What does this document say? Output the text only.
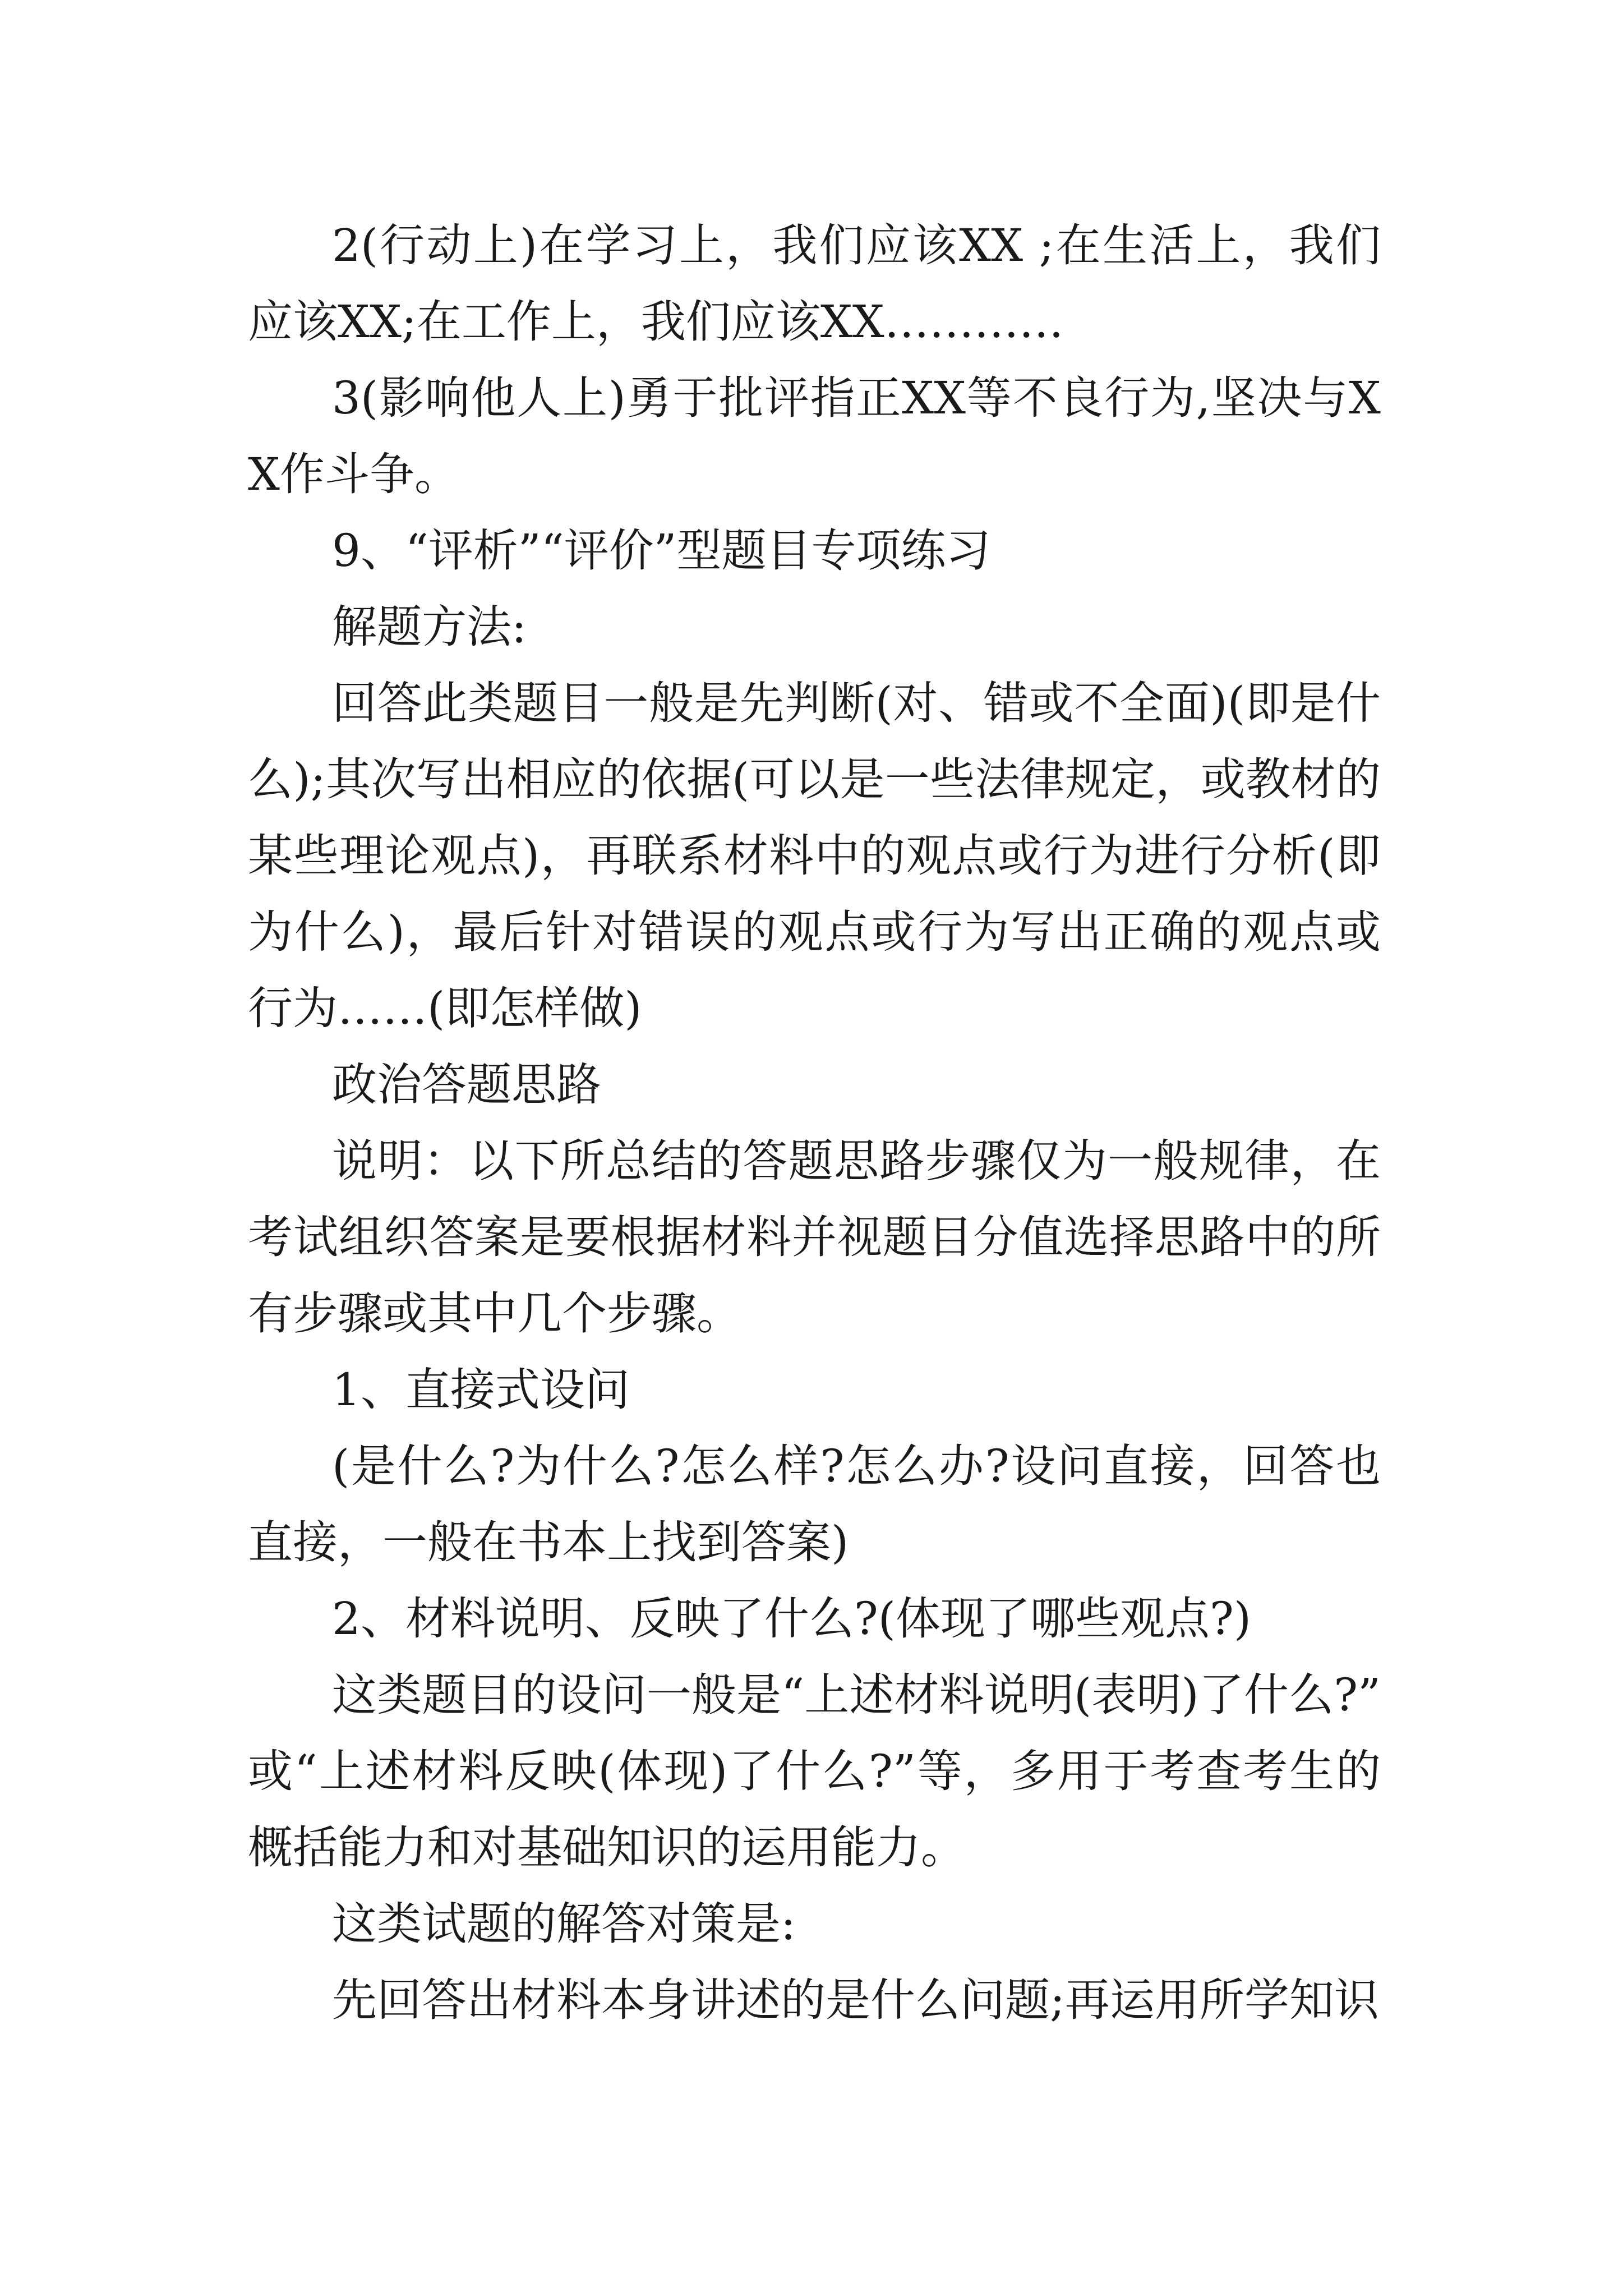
2(行动上)在学习上，我们应该XX ;在生活上，我们应该XX;在工作上，我们应该XX…………

3(影响他人上)勇于批评指正XX等不良行为,坚决与XX作斗争。

9、“评析”“评价”型题目专项练习

解题方法:

回答此类题目一般是先判断(对、错或不全面)(即是什么);其次写出相应的依据(可以是一些法律规定，或教材的某些理论观点)，再联系材料中的观点或行为进行分析(即为什么)，最后针对错误的观点或行为写出正确的观点或行为……(即怎样做)

政治答题思路

说明：以下所总结的答题思路步骤仅为一般规律，在考试组织答案是要根据材料并视题目分值选择思路中的所有步骤或其中几个步骤。

1、直接式设问

(是什么?为什么?怎么样?怎么办?设问直接，回答也直接，一般在书本上找到答案)

2、材料说明、反映了什么?(体现了哪些观点?)

这类题目的设问一般是“上述材料说明(表明)了什么?”或“上述材料反映(体现)了什么?”等，多用于考查考生的概括能力和对基础知识的运用能力。

这类试题的解答对策是:

先回答出材料本身讲述的是什么问题;再运用所学知识
